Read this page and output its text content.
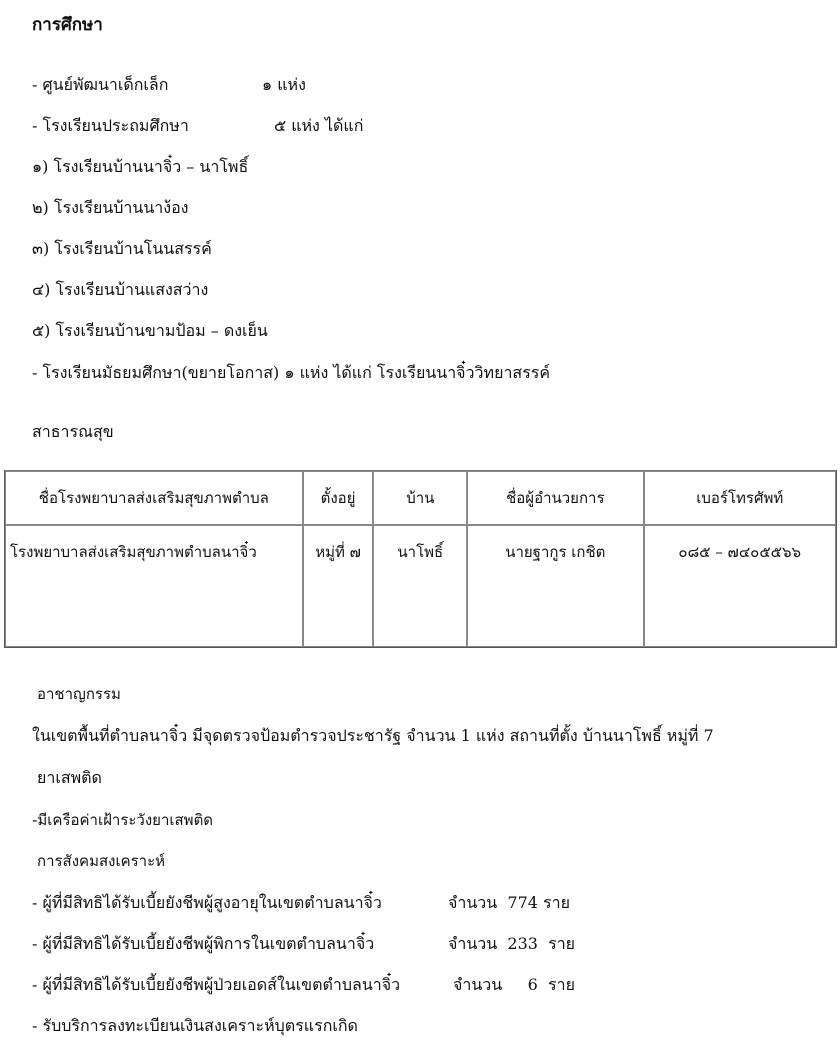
การศึกษา
- ศูนย์พัฒนาเด็กเล็ก	๑ แห่ง
- โรงเรียนประถมศึกษา	๕ แห่ง ได้แก่
๑) โรงเรียนบ้านนาจิ๋ว – นาโพธิ์
๒) โรงเรียนบ้านนาง้อง
๓) โรงเรียนบ้านโนนสรรค์
๔) โรงเรียนบ้านแสงสว่าง
๕) โรงเรียนบ้านขามป้อม – ดงเย็น
- โรงเรียนมัธยมศึกษา(ขยายโอกาส) ๑ แห่ง ได้แก่ โรงเรียนนาจิ๋ววิทยาสรรค์
สาธารณสุข
ชื่อโรงพยาบาลส่งเสริมสุขภาพตำบล	ตั้งอยู่	บ้าน	ชื่อผู้อำนวยการ	เบอร์โทรศัพท์
โรงพยาบาลส่งเสริมสุขภาพตำบลนาจิ๋ว	หมู่ที่ ๗	นาโพธิ์	นายฐากูร เกชิต	๐๘๕ – ๗๔๐๕๕๖๖
อาชาญกรรม
ในเขตพื้นที่ตำบลนาจิ๋ว มีจุดตรวจป้อมตำรวจประชารัฐ จำนวน 1 แห่ง สถานที่ตั้ง บ้านนาโพธิ์ หมู่ที่ 7
ยาเสพติด
-มีเครือค่าเฝ้าระวังยาเสพติด
การสังคมสงเคราะห์
- ผู้ที่มีสิทธิได้รับเบี้ยยังชีพผู้สูงอายุในเขตตำบลนาจิ๋ว	จำนวน  774 ราย
- ผู้ที่มีสิทธิได้รับเบี้ยยังชีพผู้พิการในเขตตำบลนาจิ๋ว	จำนวน  233  ราย
- ผู้ที่มีสิทธิได้รับเบี้ยยังชีพผู้ป่วยเอดส์ในเขตตำบลนาจิ๋ว	จำนวน     6  ราย
- รับบริการลงทะเบียนเงินสงเคราะห์บุตรแรกเกิด
